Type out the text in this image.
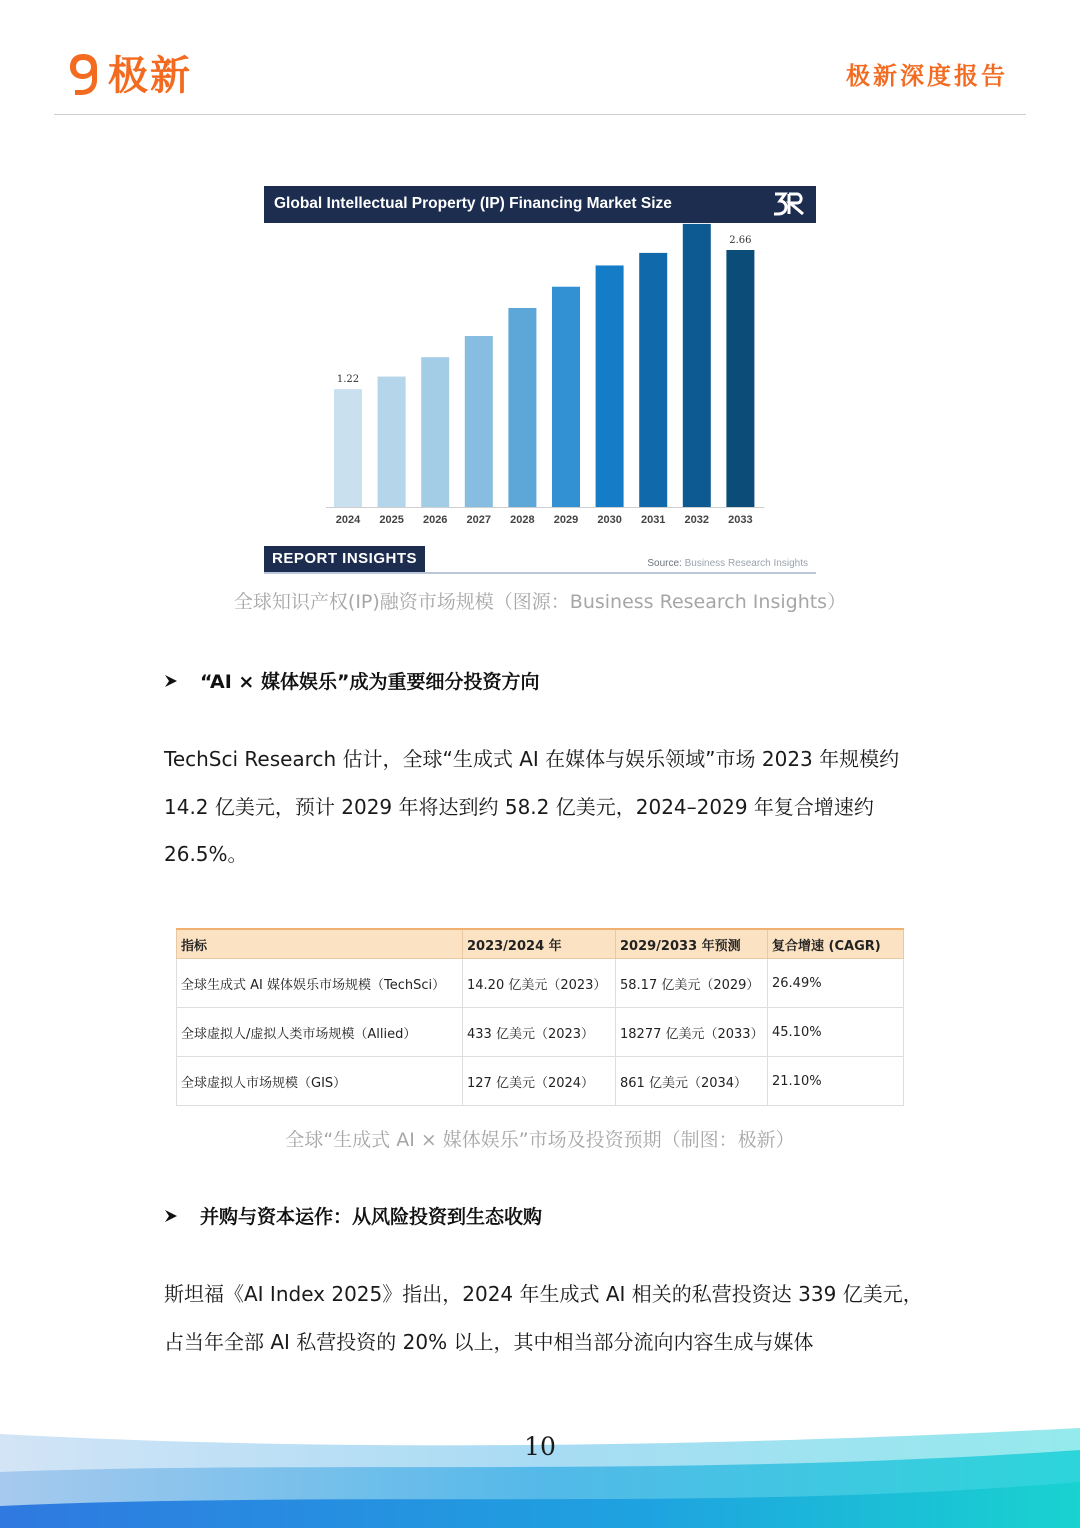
极新	极新深度报告
Global Intellectual Property (IP) Financing Market Size
2024
1.22
2025 2026 2027 2028 2029 2030 2031 2032 2033
2.66
REPORT INSIGHTS	Source: Business Research Insights
全球知识产权(IP)融资市场规模（图源：Business Research Insights）
“AI × 媒体娱乐”成为重要细分投资方向
TechSci Research 估计，全球“生成式 AI 在媒体与娱乐领域”市场 2023 年规模约 14.2 亿美元，预计 2029 年将达到约 58.2 亿美元，2024–2029 年复合增速约 26.5%。
指标	2023/2024 年	2029/2033 年预测	复合增速 (CAGR)
全球生成式 AI 媒体娱乐市场规模（TechSci）	14.20 亿美元（2023）	58.17 亿美元（2029）	26.49%
全球虚拟人/虚拟人类市场规模（Allied）	433 亿美元（2023）	18277 亿美元（2033）	45.10%
全球虚拟人市场规模（GIS）	127 亿美元（2024）	861 亿美元（2034）	21.10%
全球“生成式 AI × 媒体娱乐”市场及投资预期（制图：极新）
并购与资本运作：从风险投资到生态收购
斯坦福《AI Index 2025》指出，2024 年生成式 AI 相关的私营投资达 339 亿美元，占当年全部 AI 私营投资的 20% 以上，其中相当部分流向内容生成与媒体
10
